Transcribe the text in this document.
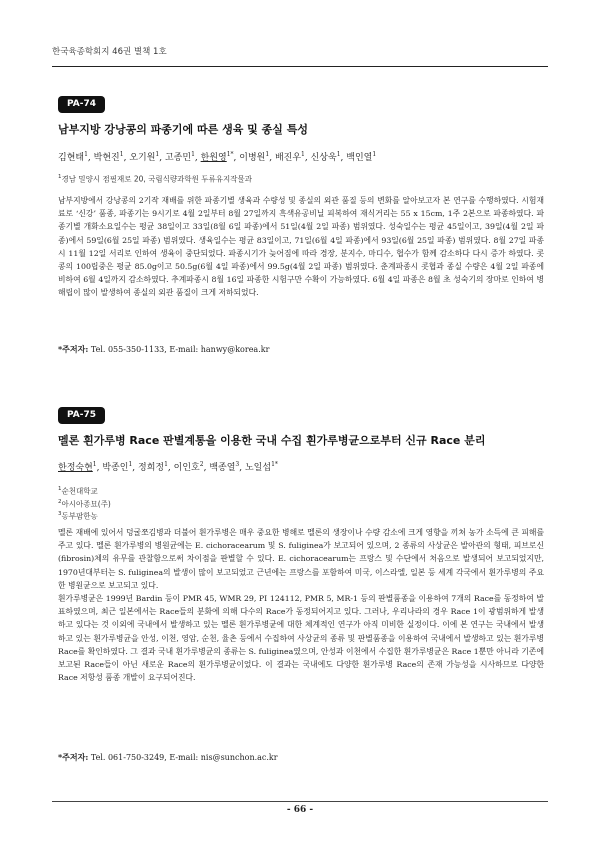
한국육종학회지 46권 별책 1호
PA-74
남부지방 강낭콩의 파종기에 따른 생육 및 종실 특성
김현태$^1$, 박현진$^1$, 오기원$^1$, 고종민$^1$, 한원영$^{1*}$, 이병원$^1$, 배진우$^1$, 신상욱$^1$, 백인열$^1$
$^1$경남 밀양시 점필재로 20, 국립식량과학원 두류유지작물과

남부지방에서 강낭콩의 2기작 재배를 위한 파종기별 생육과 수량성 및 종실의 외관 품질 등의 변화를 알아보고자 본 연구를 수행하였다. 시험재료로 ‘신강’ 품종, 파종기는 9시기로 4월 2일부터 8월 27일까지 흑색유공비닐 피복하여 재식거리는 55 x 15cm, 1주 2본으로 파종하였다. 파종기별 개화소요일수는 평균 38일이고 33일(8월 6일 파종)에서 51일(4월 2일 파종) 범위였다. 성숙일수는 평균 45일이고, 39일(4월 2일 파종)에서 59일(6월 25일 파종) 범위였다. 생육일수는 평균 83일이고, 71일(6월 4일 파종)에서 93일(6월 25일 파종) 범위였다. 8월 27일 파종시 11월 12일 서리로 인하여 생육이 중단되었다. 파종시기가 늦어짐에 따라 경장, 분지수, 마디수, 협수가 함께 감소하다 다시 증가 하였다. 콧콩의 100립중은 평균 85.0g이고 50.5g(6월 4일 파종)에서 99.5g(4월 2일 파종) 범위였다. 춘계파종시 콧협과 종실 수량은 4월 2일 파종에 비하여 6월 4일까지 감소하였다. 추계파종시 8월 16일 파종한 시험구만 수확이 가능하였다. 6월 4일 파종은 8월 초 성숙기의 장마로 인하여 병해립이 많이 발생하여 종실의 외관 품질이 크게 저하되었다.

*주저자: Tel. 055-350-1133, E-mail: hanwy@korea.kr
PA-75
멜론 흰가루병 Race 판별계통을 이용한 국내 수집 흰가루병균으로부터 신규 Race 분리
한정숙현$^1$, 박종인$^1$, 정희정$^1$, 이인호$^2$, 백종열$^3$, 노일섭$^{1*}$
$^1$순천대학교
$^2$아시아종묘(주)
$^3$동부팜한농

멜론 재배에 있어서 덩굴쪼김병과 더불어 흰가루병은 매우 중요한 병해로 멜론의 생장이나 수량 감소에 크게 영향을 끼쳐 농가 소득에 큰 피해를 주고 있다. 멜론 흰가루병의 병원균에는 E. cichoracearum 및 S. fuliginea가 보고되어 있으며, 2 종류의 사상균은 발아관의 형태, 피브로신(fibrosin)체의 유무를 관찰함으로써 차이점을 판별할 수 있다. E. cichoracearum는 프랑스 및 수단에서 처음으로 발생되어 보고되었지만, 1970년대부터는 S. fuliginea의 발생이 많이 보고되었고 근년에는 프랑스를 포함하여 미국, 이스라엘, 일본 등 세계 각국에서 흰가루병의 주요한 병원균으로 보고되고 있다.

흰가루병균은 1999년 Bardin 등이 PMR 45, WMR 29, PI 124112, PMR 5, MR-1 등의 판별품종을 이용하여 7개의 Race를 동정하여 발표하였으며, 최근 일본에서는 Race들의 분화에 의해 다수의 Race가 동정되어지고 있다. 그러나, 우리나라의 경우 Race 1이 광범위하게 발생하고 있다는 것 이외에 국내에서 발생하고 있는 멜론 흰가루병균에 대한 체계적인 연구가 아직 미비한 실정이다. 이에 본 연구는 국내에서 발생하고 있는 흰가루병균을 안성, 이천, 영암, 순천, 율촌 등에서 수집하여 사상균의 종류 및 판별품종을 이용하여 국내에서 발생하고 있는 흰가루병 Race를 확인하였다. 그 결과 국내 흰가루병균의 종류는 S. fuliginea였으며, 안성과 이천에서 수집한 흰가루병균은 Race 1뿐만 아니라 기존에 보고된 Race들이 아닌 새로운 Race의 흰가루병균이었다. 이 결과는 국내에도 다양한 흰가루병 Race의 존재 가능성을 시사하므로 다양한 Race 저항성 품종 개발이 요구되어진다.

*주저자: Tel. 061-750-3249, E-mail: nis@sunchon.ac.kr
- 66 -
